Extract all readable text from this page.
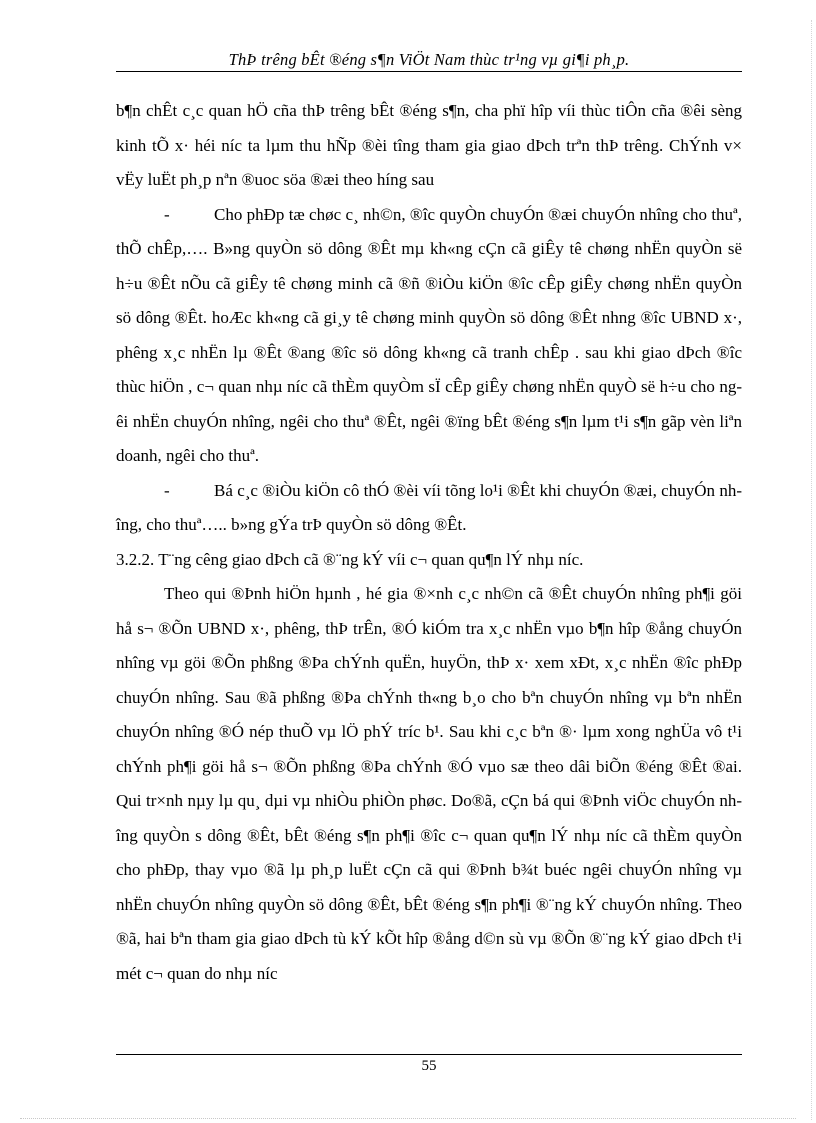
ThÞ trêng bÊt ®éng s¶n ViÖt Nam thùc tr¹ng vµ gi¶i ph¸p.

b¶n chÊt c¸c quan hÖ cña thÞ trêng bÊt ®éng s¶n, cha phï hîp víi thùc tiÔn cña ®êi sèng kinh tÕ x· héi níc ta lµm thu hÑp ®èi tîng tham gia giao dÞch trªn thÞ trêng. ChÝnh v× vËy luËt ph¸p nªn ®uoc söa ®æi theo híng sau

-	Cho phÐp tæ chøc c¸ nh©n, ®îc quyÒn chuyÓn ®æi chuyÓn nhîng cho thuª, thÕ chÊp,…. B»ng quyÒn sö dông ®Êt mµ kh«ng cÇn cã giÊy tê chøng nhËn quyÒn së h÷u ®Êt nÕu cã giÊy tê chøng minh cã ®ñ ®iÒu kiÖn ®îc cÊp giÊy chøng nhËn quyÒn sö dông ®Êt. hoÆc kh«ng cã gi¸y tê chøng minh quyÒn sö dông ®Êt nhng ®îc UBND x·, phêng x¸c nhËn lµ ®Êt ®ang ®îc sö dông kh«ng cã tranh chÊp . sau khi giao dÞch ®îc thùc hiÖn , c¬ quan nhµ níc cã thÈm quyÒm sÏ cÊp giÊy chøng nhËn quyÒ së h÷u cho ngêi nhËn chuyÓn nhîng, ngêi cho thuª ®Êt, ngêi ®ïng bÊt ®éng s¶n lµm t¹i s¶n gãp vèn liªn doanh, ngêi cho thuª.

-	Bá c¸c ®iÒu kiÖn cô thÓ ®èi víi tõng lo¹i ®Êt khi chuyÓn ®æi, chuyÓn nhîng, cho thuª….. b»ng gÝa trÞ quyÒn sö dông ®Êt.

3.2.2. T¨ng cêng giao dÞch cã ®¨ng kÝ víi c¬ quan qu¶n lÝ nhµ níc.

Theo qui ®Þnh hiÖn hµnh , hé gia ®×nh c¸c nh©n cã ®Êt chuyÓn nhîng ph¶i göi hå s¬ ®Õn UBND x·, phêng, thÞ trÊn, ®Ó kiÓm tra x¸c nhËn vµo b¶n hîp ®ång chuyÓn nhîng vµ göi ®Õn phßng ®Þa chÝnh quËn, huyÖn, thÞ x· xem xÐt, x¸c nhËn ®îc phÐp chuyÓn nhîng. Sau ®ã phßng ®Þa chÝnh th«ng b¸o cho bªn chuyÓn nhîng vµ bªn nhËn chuyÓn nhîng ®Ó nép thuÕ vµ lÖ phÝ tríc b¹. Sau khi c¸c bªn ®· lµm xong nghÜa vô t¹i chÝnh ph¶i göi hå s¬ ®Õn phßng ®Þa chÝnh ®Ó vµo sæ theo dâi biÕn ®éng ®Êt ®ai. Qui tr×nh nµy lµ qu¸ dµi vµ nhiÒu phiÒn phøc. Do®ã, cÇn bá qui ®Þnh viÖc chuyÓn nhîng quyÒn s dông ®Êt, bÊt ®éng s¶n ph¶i ®îc c¬ quan qu¶n lÝ nhµ níc cã thÈm quyÒn cho phÐp, thay vµo ®ã lµ ph¸p luËt cÇn cã qui ®Þnh b¾t buéc ngêi chuyÓn nhîng vµ nhËn chuyÓn nhîng quyÒn sö dông ®Êt, bÊt ®éng s¶n ph¶i ®¨ng kÝ chuyÓn nhîng. Theo ®ã, hai bªn tham gia giao dÞch tù kÝ kÕt hîp ®ång d©n sù vµ ®Õn ®¨ng kÝ giao dÞch t¹i mét c¬ quan do nhµ níc

55
